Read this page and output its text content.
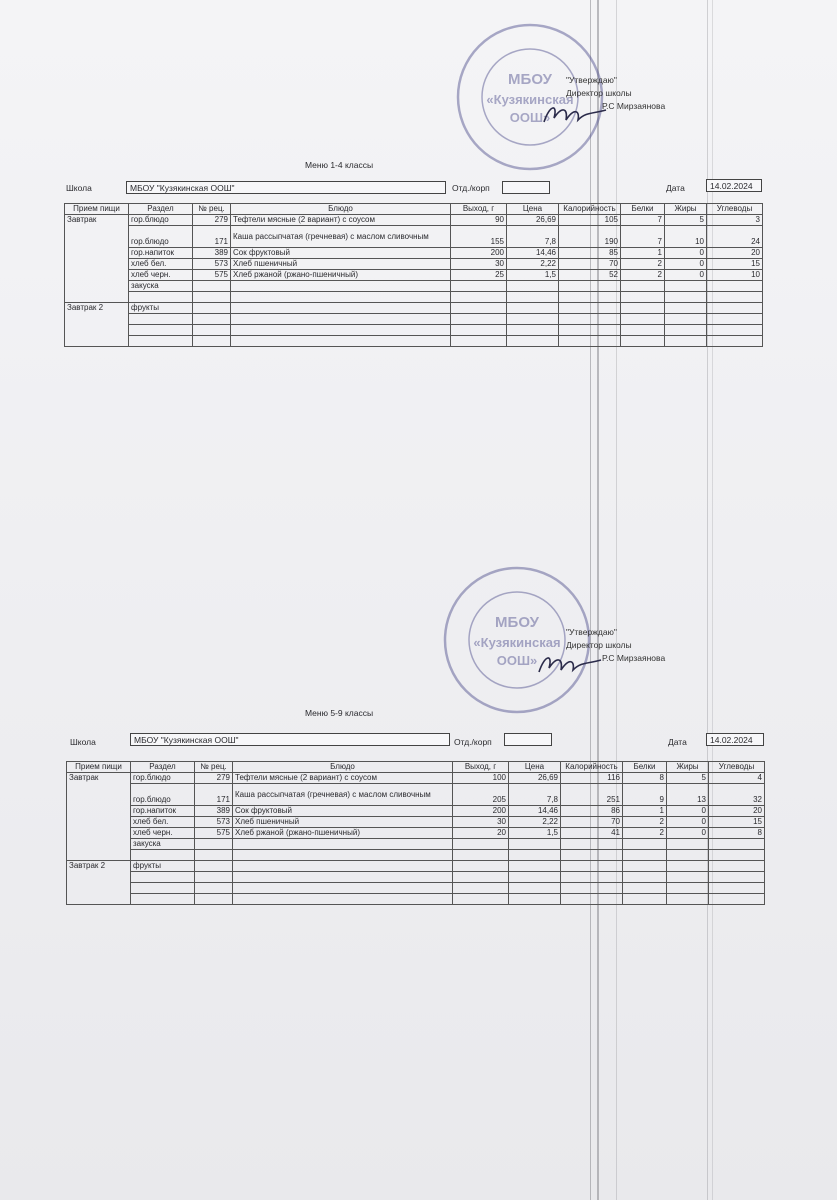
МБОУ
«Кузякинская
ООШ»
"Утверждаю"
Директор школы
Р.С Мирзаянова
Меню 1-4 классы
Школа	МБОУ "Кузякинская ООШ"	Отд./корп	Дата	14.02.2024
Прием пищи	Раздел	№ рец.	Блюдо	Выход, г	Цена	Калорийность	Белки	Жиры	Углеводы
Завтрак	гор.блюдо	279	Тефтели мясные (2 вариант) с соусом	90	26,69	105	7	5	3
	гор.блюдо	171	Каша рассыпчатая (гречневая) с маслом сливочным	155	7,8	190	7	10	24
	гор.напиток	389	Сок фруктовый	200	14,46	85	1	0	20
	хлеб бел.	573	Хлеб пшеничный	30	2,22	70	2	0	15
	хлеб черн.	575	Хлеб ржаной (ржано-пшеничный)	25	1,5	52	2	0	10
	закуска								

Завтрак 2	фрукты								

МБОУ
«Кузякинская
ООШ»
"Утверждаю"
Директор школы
Р.С Мирзаянова
Меню 5-9 классы
Школа	МБОУ "Кузякинская ООШ"	Отд./корп	Дата	14.02.2024
Прием пищи	Раздел	№ рец.	Блюдо	Выход, г	Цена	Калорийность	Белки	Жиры	Углеводы
Завтрак	гор.блюдо	279	Тефтели мясные (2 вариант) с соусом	100	26,69	116	8	5	4
	гор.блюдо	171	Каша рассыпчатая (гречневая) с маслом сливочным	205	7,8	251	9	13	32
	гор.напиток	389	Сок фруктовый	200	14,46	86	1	0	20
	хлеб бел.	573	Хлеб пшеничный	30	2,22	70	2	0	15
	хлеб черн.	575	Хлеб ржаной (ржано-пшеничный)	20	1,5	41	2	0	8
	закуска								

Завтрак 2	фрукты								
